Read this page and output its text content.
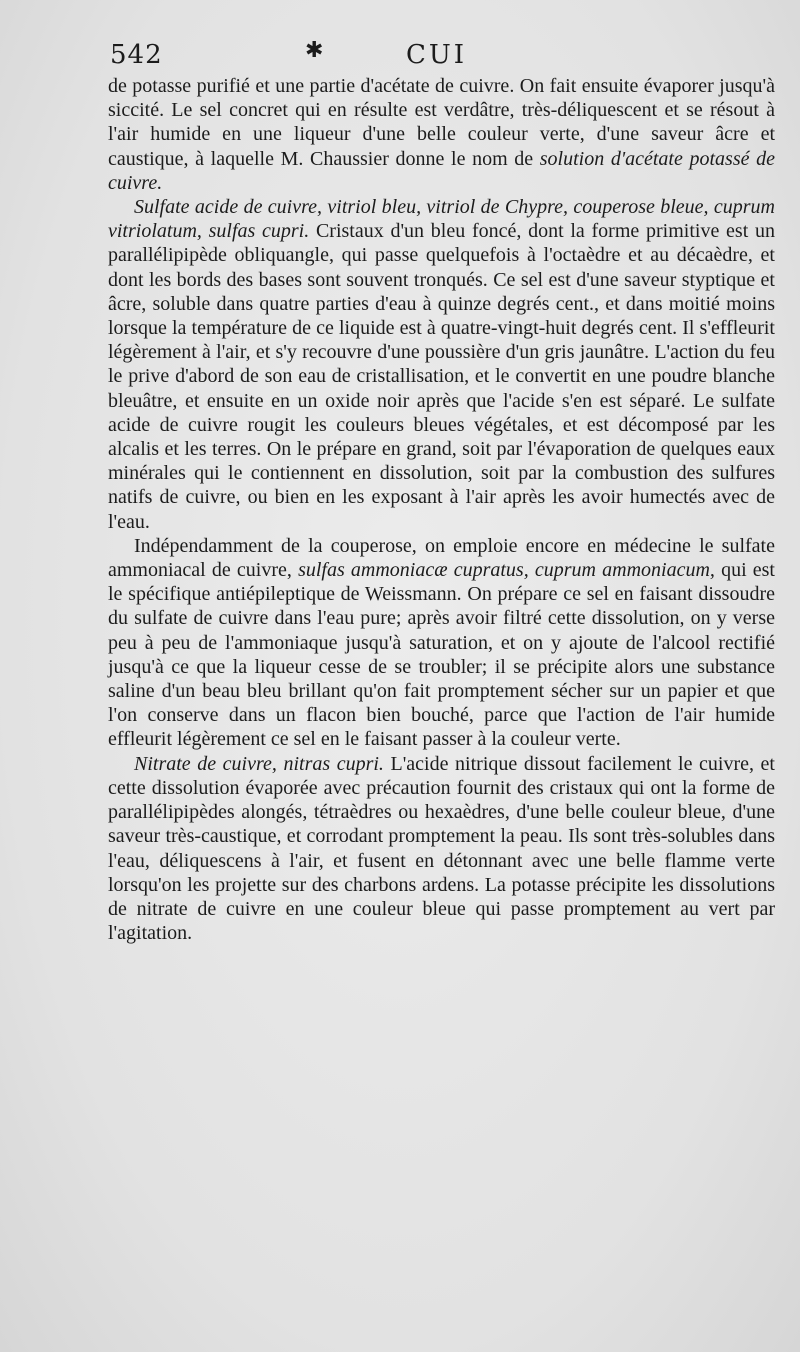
542	✱	CUI

de potasse purifié et une partie d'acétate de cuivre. On fait ensuite évaporer jusqu'à siccité. Le sel concret qui en résulte est verdâtre, très-déliquescent et se résout à l'air humide en une liqueur d'une belle couleur verte, d'une saveur âcre et caustique, à laquelle M. Chaussier donne le nom de solution d'acétate potassé de cuivre.

Sulfate acide de cuivre, vitriol bleu, vitriol de Chypre, couperose bleue, cuprum vitriolatum, sulfas cupri. Cristaux d'un bleu foncé, dont la forme primitive est un parallélipipède obliquangle, qui passe quelquefois à l'octaèdre et au décaèdre, et dont les bords des bases sont souvent tronqués. Ce sel est d'une saveur styptique et âcre, soluble dans quatre parties d'eau à quinze degrés cent., et dans moitié moins lorsque la température de ce liquide est à quatre-vingt-huit degrés cent. Il s'effleurit légèrement à l'air, et s'y recouvre d'une poussière d'un gris jaunâtre. L'action du feu le prive d'abord de son eau de cristallisation, et le convertit en une poudre blanche bleuâtre, et ensuite en un oxide noir après que l'acide s'en est séparé. Le sulfate acide de cuivre rougit les couleurs bleues végétales, et est décomposé par les alcalis et les terres. On le prépare en grand, soit par l'évaporation de quelques eaux minérales qui le contiennent en dissolution, soit par la combustion des sulfures natifs de cuivre, ou bien en les exposant à l'air après les avoir humectés avec de l'eau.

Indépendamment de la couperose, on emploie encore en médecine le sulfate ammoniacal de cuivre, sulfas ammoniacæ cupratus, cuprum ammoniacum, qui est le spécifique antiépileptique de Weissmann. On prépare ce sel en faisant dissoudre du sulfate de cuivre dans l'eau pure; après avoir filtré cette dissolution, on y verse peu à peu de l'ammoniaque jusqu'à saturation, et on y ajoute de l'alcool rectifié jusqu'à ce que la liqueur cesse de se troubler; il se précipite alors une substance saline d'un beau bleu brillant qu'on fait promptement sécher sur un papier et que l'on conserve dans un flacon bien bouché, parce que l'action de l'air humide effleurit légèrement ce sel en le faisant passer à la couleur verte.

Nitrate de cuivre, nitras cupri. L'acide nitrique dissout facilement le cuivre, et cette dissolution évaporée avec précaution fournit des cristaux qui ont la forme de parallélipipèdes alongés, tétraèdres ou hexaèdres, d'une belle couleur bleue, d'une saveur très-caustique, et corrodant promptement la peau. Ils sont très-solubles dans l'eau, déliquescens à l'air, et fusent en détonnant avec une belle flamme verte lorsqu'on les projette sur des charbons ardens. La potasse précipite les dissolutions de nitrate de cuivre en une couleur bleue qui passe promptement au vert par l'agitation.
